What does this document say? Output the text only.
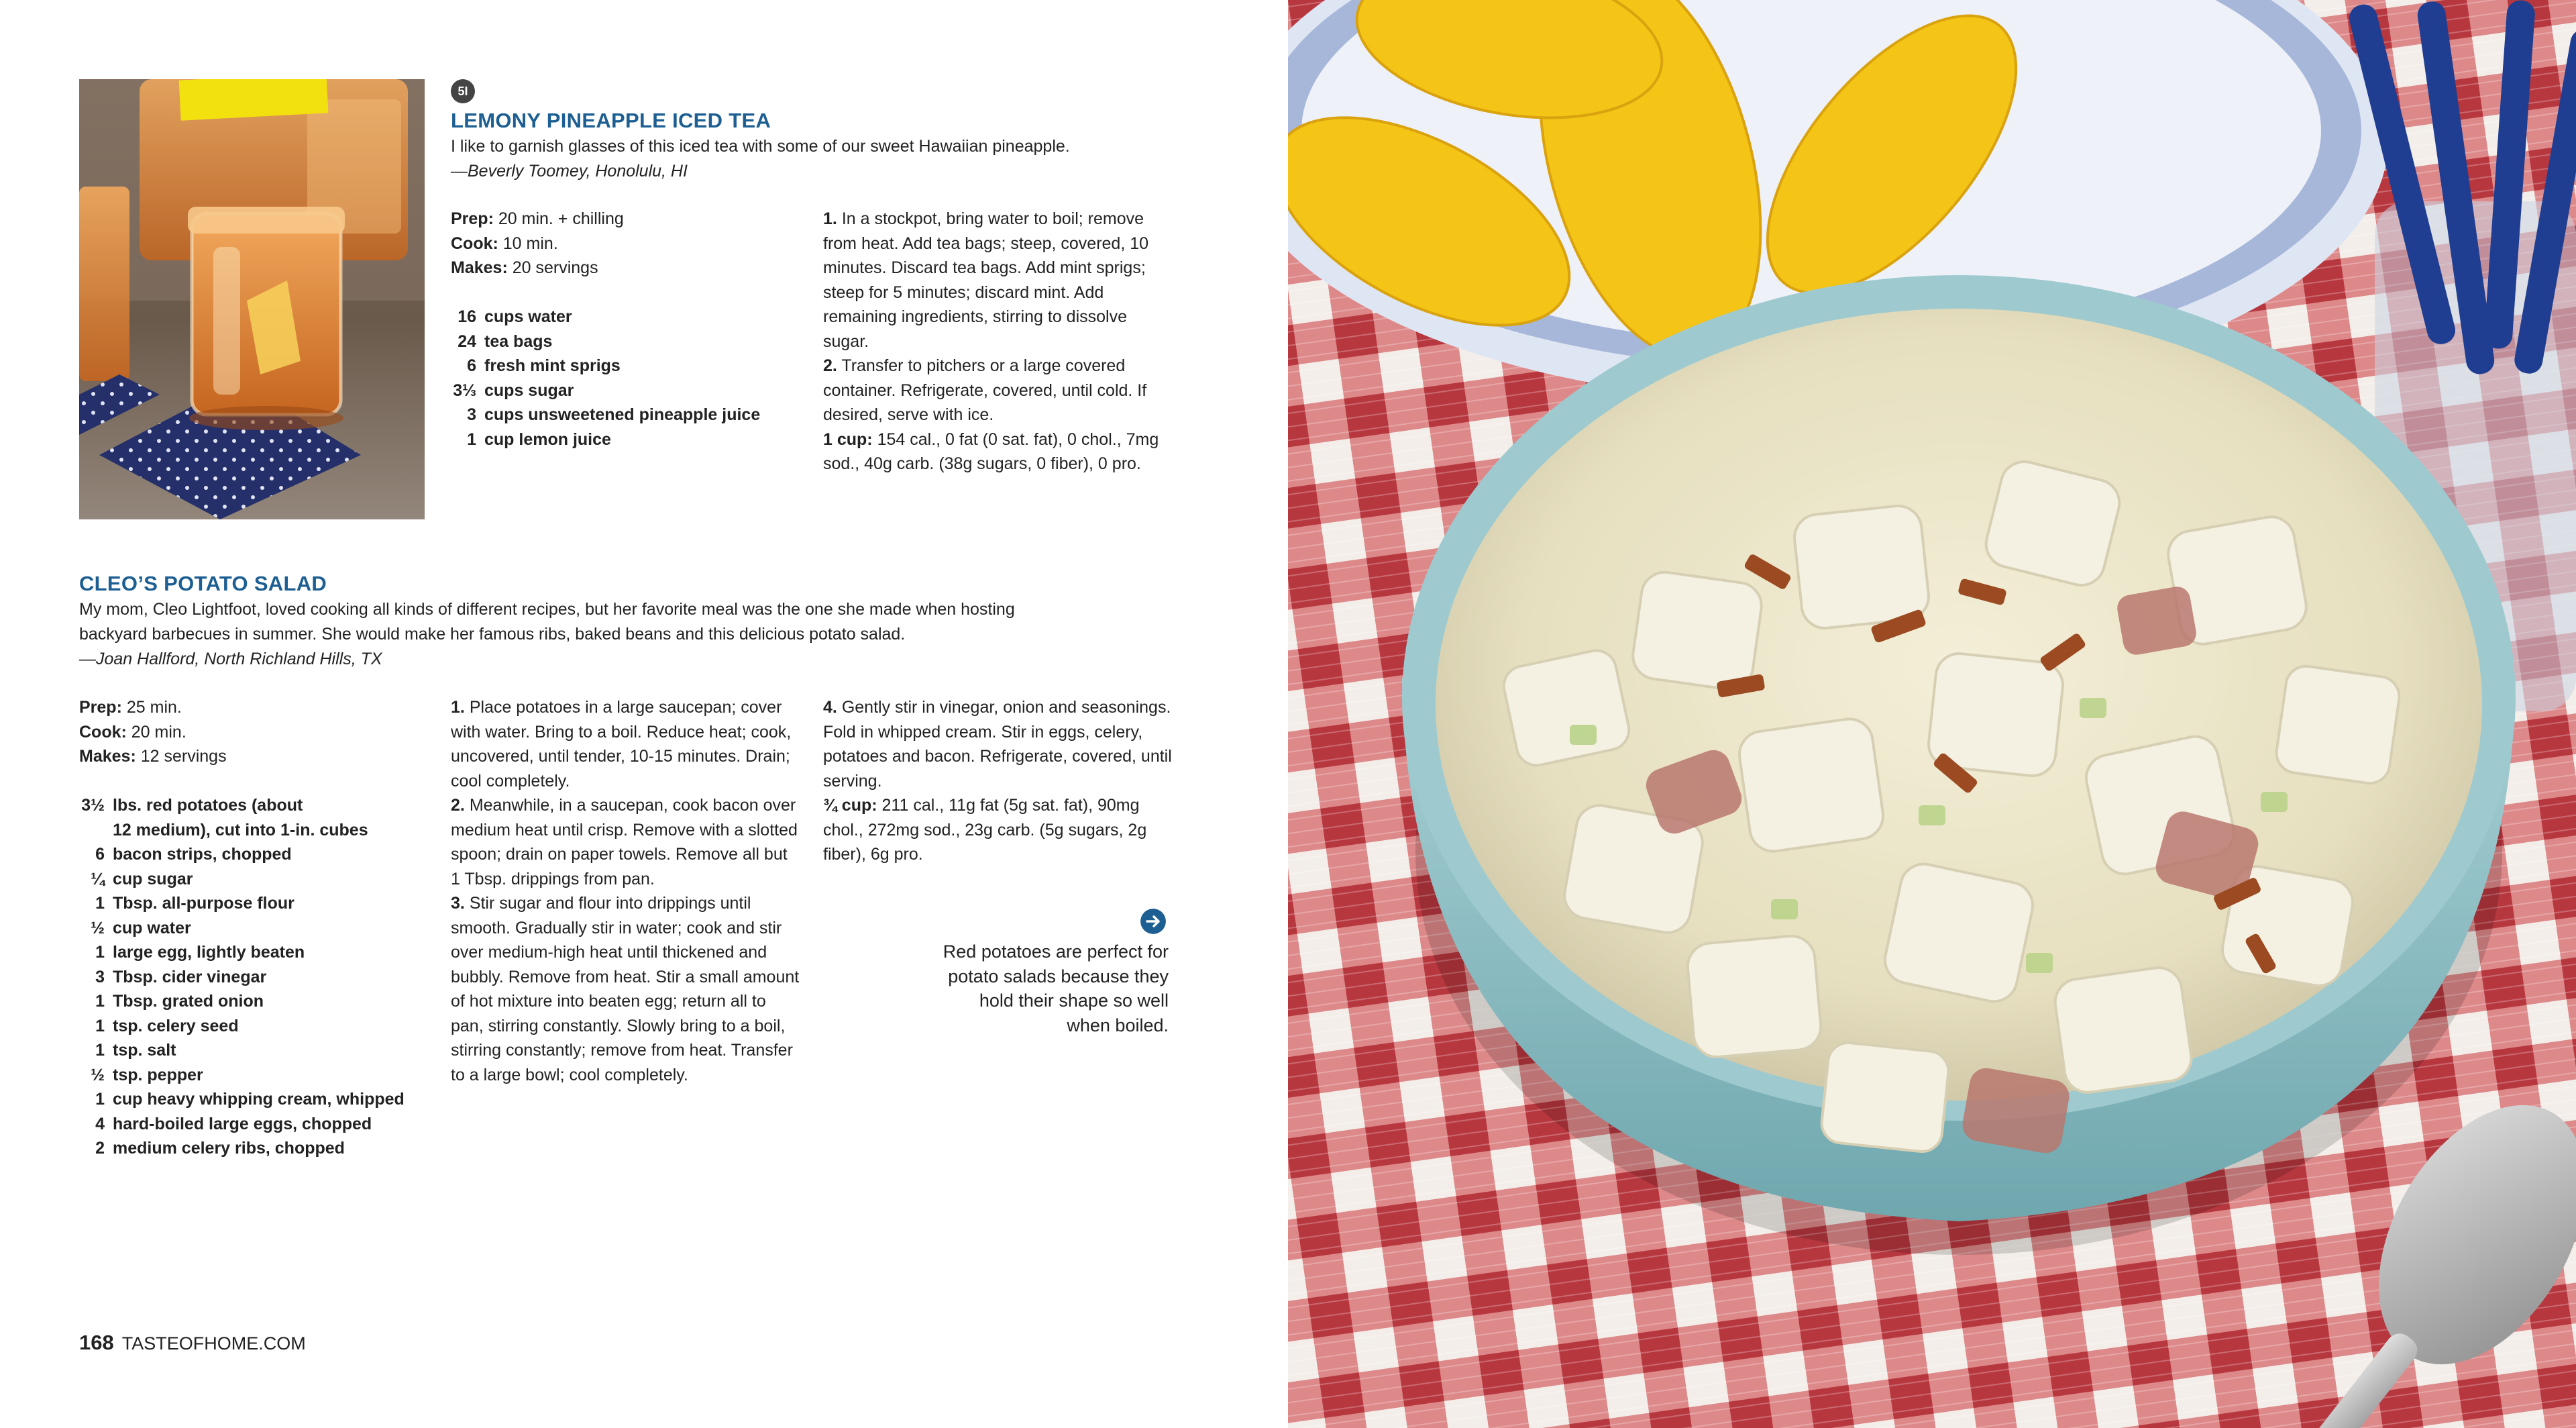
5I
LEMONY PINEAPPLE ICED TEA
I like to garnish glasses of this iced tea with some of our sweet Hawaiian pineapple.
—Beverly Toomey, Honolulu, HI
Prep: 20 min. + chilling
Cook: 10 min.
Makes: 20 servings
16 cups water
24 tea bags
6 fresh mint sprigs
3⅓ cups sugar
3 cups unsweetened pineapple juice
1 cup lemon juice

1. In a stockpot, bring water to boil; remove from heat. Add tea bags; steep, covered, 10 minutes. Discard tea bags. Add mint sprigs; steep for 5 minutes; discard mint. Add remaining ingredients, stirring to dissolve sugar.

2. Transfer to pitchers or a large covered container. Refrigerate, covered, until cold. If desired, serve with ice.

1 cup: 154 cal., 0 fat (0 sat. fat), 0 chol., 7mg sod., 40g carb. (38g sugars, 0 fiber), 0 pro.

CLEO’S POTATO SALAD
My mom, Cleo Lightfoot, loved cooking all kinds of different recipes, but her favorite meal was the one she made when hosting
backyard barbecues in summer. She would make her famous ribs, baked beans and this delicious potato salad.
—Joan Hallford, North Richland Hills, TX
Prep: 25 min.
Cook: 20 min.
Makes: 12 servings
3½ lbs. red potatoes (about
12 medium), cut into 1-in. cubes
6 bacon strips, chopped
¼ cup sugar
1 Tbsp. all-purpose flour
½ cup water
1 large egg, lightly beaten
3 Tbsp. cider vinegar
1 Tbsp. grated onion
1 tsp. celery seed
1 tsp. salt
½ tsp. pepper
1 cup heavy whipping cream, whipped
4 hard-boiled large eggs, chopped
2 medium celery ribs, chopped

1. Place potatoes in a large saucepan; cover with water. Bring to a boil. Reduce heat; cook, uncovered, until tender, 10-15 minutes. Drain; cool completely.

2. Meanwhile, in a saucepan, cook bacon over medium heat until crisp. Remove with a slotted spoon; drain on paper towels. Remove all but 1 Tbsp. drippings from pan.

3. Stir sugar and flour into drippings until smooth. Gradually stir in water; cook and stir over medium-high heat until thickened and bubbly. Remove from heat. Stir a small amount of hot mixture into beaten egg; return all to pan, stirring constantly. Slowly bring to a boil, stirring constantly; remove from heat. Transfer to a large bowl; cool completely.

4. Gently stir in vinegar, onion and seasonings. Fold in whipped cream. Stir in eggs, celery, potatoes and bacon. Refrigerate, covered, until serving.

¾ cup: 211 cal., 11g fat (5g sat. fat), 90mg chol., 272mg sod., 23g carb. (5g sugars, 2g fiber), 6g pro.

Red potatoes are perfect for potato salads because they hold their shape so well when boiled.
168 TASTEOFHOME.COM
